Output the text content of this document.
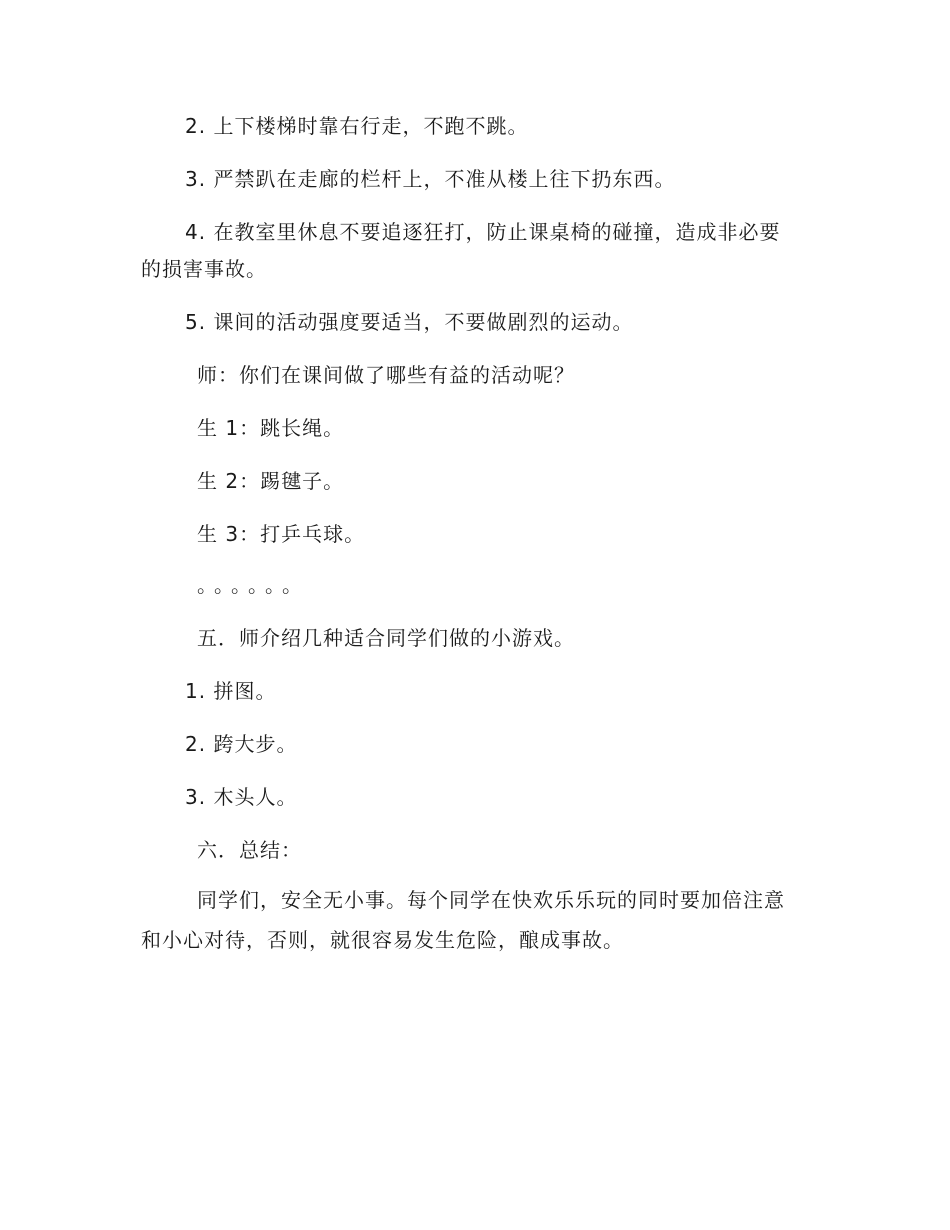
2. 上下楼梯时靠右行走，不跑不跳。

3. 严禁趴在走廊的栏杆上，不准从楼上往下扔东西。

4. 在教室里休息不要追逐狂打，防止课桌椅的碰撞，造成非必要

的损害事故。

5. 课间的活动强度要适当，不要做剧烈的运动。

师：你们在课间做了哪些有益的活动呢？

生 1：跳长绳。

生 2：踢毽子。

生 3：打乒乓球。

。。。。。。

五．师介绍几种适合同学们做的小游戏。

1. 拼图。

2. 跨大步。

3. 木头人。

六．总结：

同学们，安全无小事。每个同学在快欢乐乐玩的同时要加倍注意

和小心对待，否则，就很容易发生危险，酿成事故。
